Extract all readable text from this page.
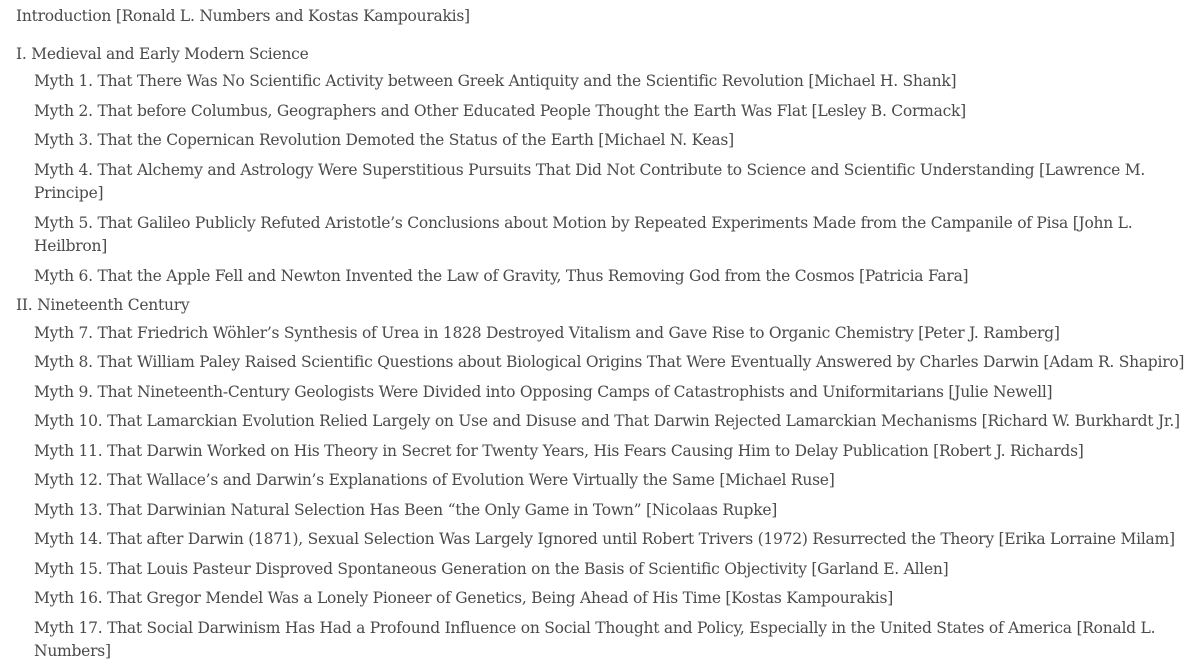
Introduction [Ronald L. Numbers and Kostas Kampourakis]
I. Medieval and Early Modern Science
Myth 1. That There Was No Scientific Activity between Greek Antiquity and the Scientific Revolution [Michael H. Shank]
Myth 2. That before Columbus, Geographers and Other Educated People Thought the Earth Was Flat [Lesley B. Cormack]
Myth 3. That the Copernican Revolution Demoted the Status of the Earth [Michael N. Keas]
Myth 4. That Alchemy and Astrology Were Superstitious Pursuits That Did Not Contribute to Science and Scientific Understanding [Lawrence M. Principe]
Myth 5. That Galileo Publicly Refuted Aristotle’s Conclusions about Motion by Repeated Experiments Made from the Campanile of Pisa [John L. Heilbron]
Myth 6. That the Apple Fell and Newton Invented the Law of Gravity, Thus Removing God from the Cosmos [Patricia Fara]
II. Nineteenth Century
Myth 7. That Friedrich Wöhler’s Synthesis of Urea in 1828 Destroyed Vitalism and Gave Rise to Organic Chemistry [Peter J. Ramberg]
Myth 8. That William Paley Raised Scientific Questions about Biological Origins That Were Eventually Answered by Charles Darwin [Adam R. Shapiro]
Myth 9. That Nineteenth-Century Geologists Were Divided into Opposing Camps of Catastrophists and Uniformitarians [Julie Newell]
Myth 10. That Lamarckian Evolution Relied Largely on Use and Disuse and That Darwin Rejected Lamarckian Mechanisms [Richard W. Burkhardt Jr.]
Myth 11. That Darwin Worked on His Theory in Secret for Twenty Years, His Fears Causing Him to Delay Publication [Robert J. Richards]
Myth 12. That Wallace’s and Darwin’s Explanations of Evolution Were Virtually the Same [Michael Ruse]
Myth 13. That Darwinian Natural Selection Has Been “the Only Game in Town” [Nicolaas Rupke]
Myth 14. That after Darwin (1871), Sexual Selection Was Largely Ignored until Robert Trivers (1972) Resurrected the Theory [Erika Lorraine Milam]
Myth 15. That Louis Pasteur Disproved Spontaneous Generation on the Basis of Scientific Objectivity [Garland E. Allen]
Myth 16. That Gregor Mendel Was a Lonely Pioneer of Genetics, Being Ahead of His Time [Kostas Kampourakis]
Myth 17. That Social Darwinism Has Had a Profound Influence on Social Thought and Policy, Especially in the United States of America [Ronald L. Numbers]
